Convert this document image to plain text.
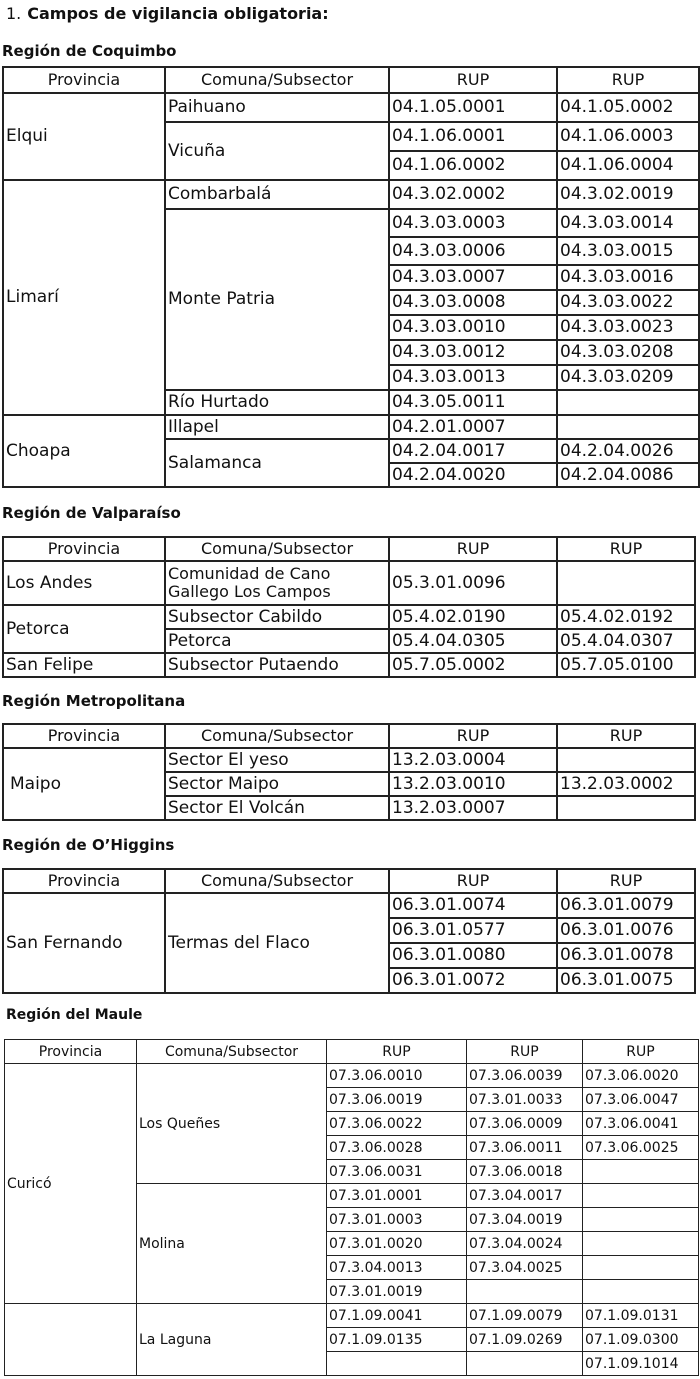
1. Campos de vigilancia obligatoria:
Región de Coquimbo
Provincia	Comuna/Subsector	RUP	RUP
Elqui	Paihuano	04.1.05.0001	04.1.05.0002
	Vicuña	04.1.06.0001	04.1.06.0003
		04.1.06.0002	04.1.06.0004
Limarí	Combarbalá	04.3.02.0002	04.3.02.0019
	Monte Patria	04.3.03.0003	04.3.03.0014
		04.3.03.0006	04.3.03.0015
		04.3.03.0007	04.3.03.0016
		04.3.03.0008	04.3.03.0022
		04.3.03.0010	04.3.03.0023
		04.3.03.0012	04.3.03.0208
		04.3.03.0013	04.3.03.0209
	Río Hurtado	04.3.05.0011	
Choapa	Illapel	04.2.01.0007	
	Salamanca	04.2.04.0017	04.2.04.0026
		04.2.04.0020	04.2.04.0086
Región de Valparaíso
Provincia	Comuna/Subsector	RUP	RUP
Los Andes	Comunidad de Cano Gallego Los Campos	05.3.01.0096	
Petorca	Subsector Cabildo	05.4.02.0190	05.4.02.0192
	Petorca	05.4.04.0305	05.4.04.0307
San Felipe	Subsector Putaendo	05.7.05.0002	05.7.05.0100
Región Metropolitana
Provincia	Comuna/Subsector	RUP	RUP
Maipo	Sector El yeso	13.2.03.0004	
	Sector Maipo	13.2.03.0010	13.2.03.0002
	Sector El Volcán	13.2.03.0007	
Región de O’Higgins
Provincia	Comuna/Subsector	RUP	RUP
San Fernando	Termas del Flaco	06.3.01.0074	06.3.01.0079
		06.3.01.0577	06.3.01.0076
		06.3.01.0080	06.3.01.0078
		06.3.01.0072	06.3.01.0075
Región del Maule
Provincia	Comuna/Subsector	RUP	RUP	RUP
Curicó	Los Queñes	07.3.06.0010	07.3.06.0039	07.3.06.0020
		07.3.06.0019	07.3.01.0033	07.3.06.0047
		07.3.06.0022	07.3.06.0009	07.3.06.0041
		07.3.06.0028	07.3.06.0011	07.3.06.0025
		07.3.06.0031	07.3.06.0018	
	Molina	07.3.01.0001	07.3.04.0017	
		07.3.01.0003	07.3.04.0019	
		07.3.01.0020	07.3.04.0024	
		07.3.04.0013	07.3.04.0025	
		07.3.01.0019		
	La Laguna	07.1.09.0041	07.1.09.0079	07.1.09.0131
		07.1.09.0135	07.1.09.0269	07.1.09.0300
				07.1.09.1014
